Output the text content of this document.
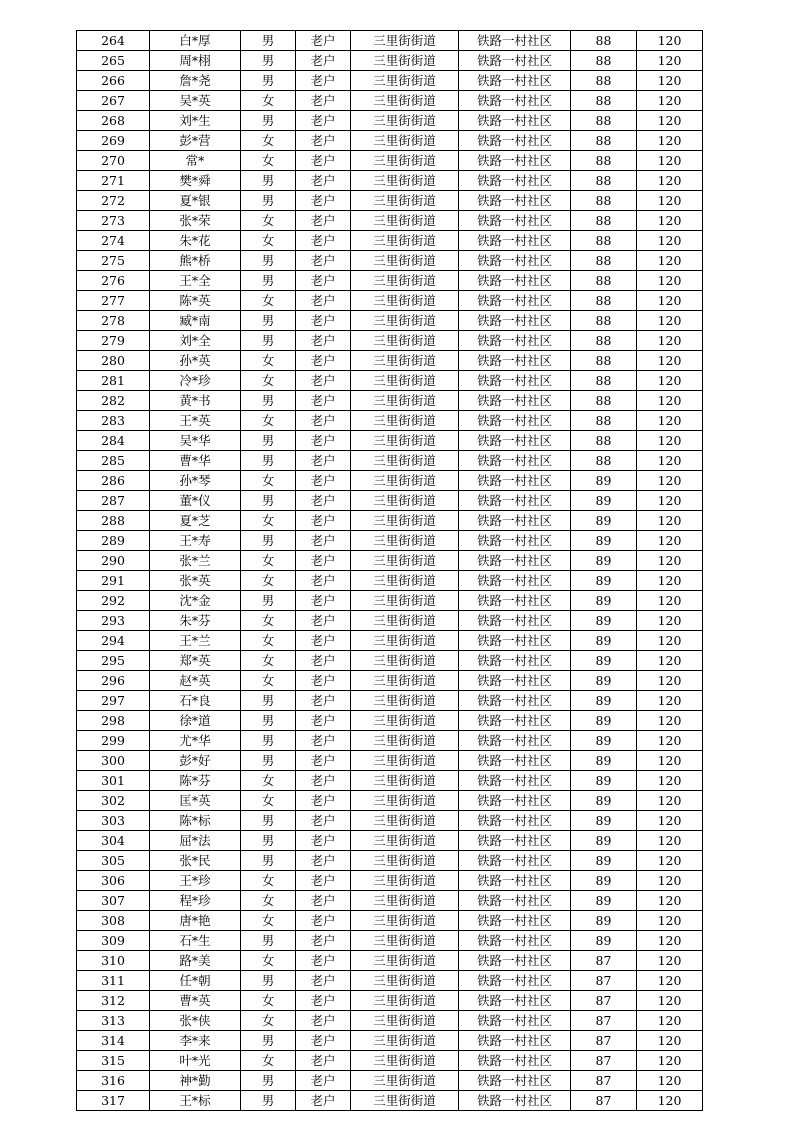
264	白*厚	男	老户	三里街街道	铁路一村社区	88	120
265	周*栩	男	老户	三里街街道	铁路一村社区	88	120
266	詹*尧	男	老户	三里街街道	铁路一村社区	88	120
267	吴*英	女	老户	三里街街道	铁路一村社区	88	120
268	刘*生	男	老户	三里街街道	铁路一村社区	88	120
269	彭*营	女	老户	三里街街道	铁路一村社区	88	120
270	常*	女	老户	三里街街道	铁路一村社区	88	120
271	樊*舜	男	老户	三里街街道	铁路一村社区	88	120
272	夏*银	男	老户	三里街街道	铁路一村社区	88	120
273	张*荣	女	老户	三里街街道	铁路一村社区	88	120
274	朱*花	女	老户	三里街街道	铁路一村社区	88	120
275	熊*桥	男	老户	三里街街道	铁路一村社区	88	120
276	王*全	男	老户	三里街街道	铁路一村社区	88	120
277	陈*英	女	老户	三里街街道	铁路一村社区	88	120
278	臧*南	男	老户	三里街街道	铁路一村社区	88	120
279	刘*全	男	老户	三里街街道	铁路一村社区	88	120
280	孙*英	女	老户	三里街街道	铁路一村社区	88	120
281	冷*珍	女	老户	三里街街道	铁路一村社区	88	120
282	黄*书	男	老户	三里街街道	铁路一村社区	88	120
283	王*英	女	老户	三里街街道	铁路一村社区	88	120
284	吴*华	男	老户	三里街街道	铁路一村社区	88	120
285	曹*华	男	老户	三里街街道	铁路一村社区	88	120
286	孙*琴	女	老户	三里街街道	铁路一村社区	89	120
287	董*仪	男	老户	三里街街道	铁路一村社区	89	120
288	夏*芝	女	老户	三里街街道	铁路一村社区	89	120
289	王*寿	男	老户	三里街街道	铁路一村社区	89	120
290	张*兰	女	老户	三里街街道	铁路一村社区	89	120
291	张*英	女	老户	三里街街道	铁路一村社区	89	120
292	沈*金	男	老户	三里街街道	铁路一村社区	89	120
293	朱*芬	女	老户	三里街街道	铁路一村社区	89	120
294	王*兰	女	老户	三里街街道	铁路一村社区	89	120
295	郑*英	女	老户	三里街街道	铁路一村社区	89	120
296	赵*英	女	老户	三里街街道	铁路一村社区	89	120
297	石*良	男	老户	三里街街道	铁路一村社区	89	120
298	徐*道	男	老户	三里街街道	铁路一村社区	89	120
299	尤*华	男	老户	三里街街道	铁路一村社区	89	120
300	彭*好	男	老户	三里街街道	铁路一村社区	89	120
301	陈*芬	女	老户	三里街街道	铁路一村社区	89	120
302	匡*英	女	老户	三里街街道	铁路一村社区	89	120
303	陈*标	男	老户	三里街街道	铁路一村社区	89	120
304	屈*法	男	老户	三里街街道	铁路一村社区	89	120
305	张*民	男	老户	三里街街道	铁路一村社区	89	120
306	王*珍	女	老户	三里街街道	铁路一村社区	89	120
307	程*珍	女	老户	三里街街道	铁路一村社区	89	120
308	唐*艳	女	老户	三里街街道	铁路一村社区	89	120
309	石*生	男	老户	三里街街道	铁路一村社区	89	120
310	路*美	女	老户	三里街街道	铁路一村社区	87	120
311	任*朝	男	老户	三里街街道	铁路一村社区	87	120
312	曹*英	女	老户	三里街街道	铁路一村社区	87	120
313	张*侠	女	老户	三里街街道	铁路一村社区	87	120
314	李*来	男	老户	三里街街道	铁路一村社区	87	120
315	叶*光	女	老户	三里街街道	铁路一村社区	87	120
316	神*勤	男	老户	三里街街道	铁路一村社区	87	120
317	王*标	男	老户	三里街街道	铁路一村社区	87	120
